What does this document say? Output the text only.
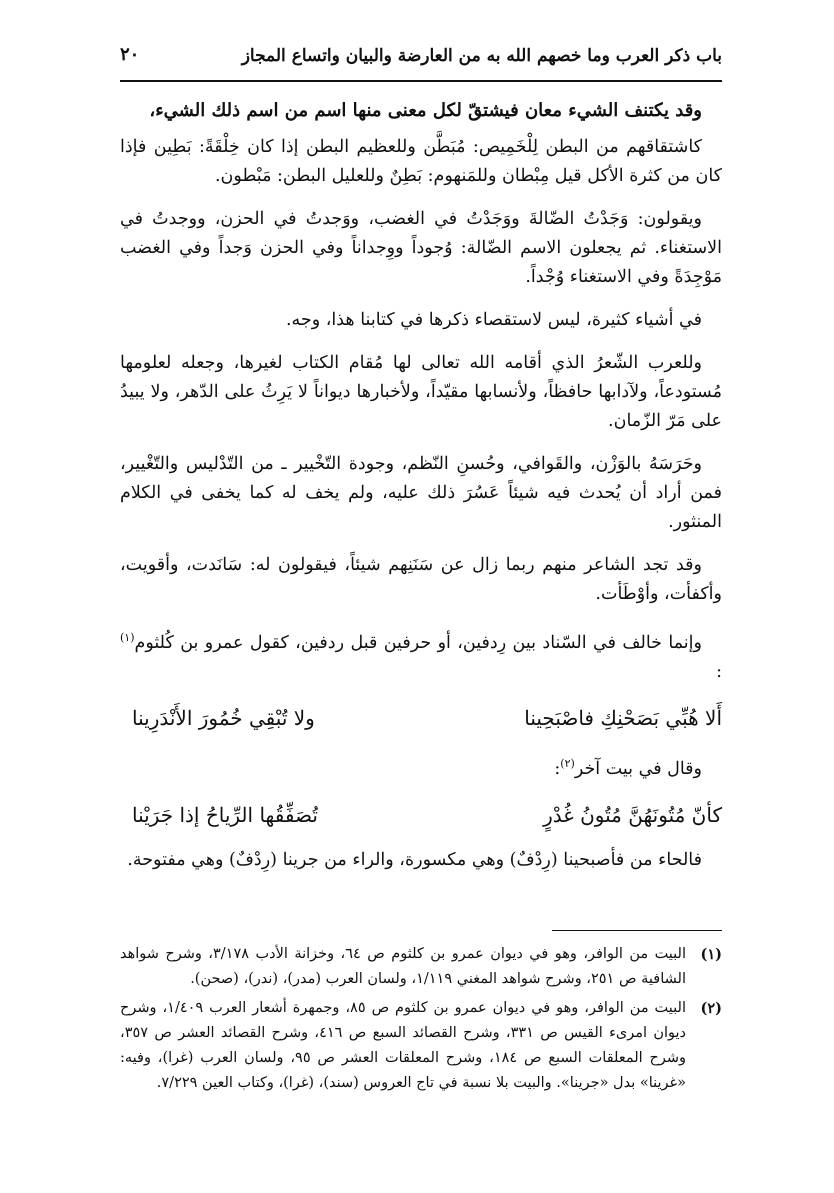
باب ذكر العرب وما خصهم الله به من العارضة والبيان واتساع المجاز
٢٠

وقد يكتنف الشيء معان فيشتقّ لكل معنى منها اسم من اسم ذلك الشيء،

كاشتقاقهم من البطن لِلْخَمِيص: مُبَطَّن وللعظيم البطن إذا كان خِلْقَةً: بَطِين فإذا كان من كثرة الأكل قيل مِبْطان وللمَنهوم: بَطِنٌ وللعليل البطن: مَبْطون.

ويقولون: وَجَدْتُ الضّالةَ ووَجَدْتُ في الغضب، ووَجدتُ في الحزن، ووجدتُ في الاستغناء. ثم يجعلون الاسم الضّالة: وُجوداً ووِجداناً وفي الحزن وَجداً وفي الغضب مَوْجِدَةً وفي الاستغناء وُجْداً.

في أشياء كثيرة، ليس لاستقصاء ذكرها في كتابنا هذا، وجه.

وللعرب الشّعرُ الذي أقامه الله تعالى لها مُقام الكتاب لغيرها، وجعله لعلومها مُستودعاً، ولآدابها حافظاً، ولأنسابها مقيّداً، ولأخبارها ديواناً لا يَرِثُ على الدّهر، ولا يبيدُ على مَرّ الزّمان.

وحَرَسَهُ بالوَزْن، والقَوافي، وحُسنِ النّظم، وجودة التّخْيير ـ من التّدْليس والتّغْيير، فمن أراد أن يُحدث فيه شيئاً عَسُرَ ذلك عليه، ولم يخف له كما يخفى في الكلام المنثور.

وقد تجد الشاعر منهم ربما زال عن سَنَنِهم شيئاً، فيقولون له: سَانَدت، وأقويت، وأكفأت، وأوْطَأت.

وإنما خالف في السّناد بين رِدفين، أو حرفين قبل ردفين، كقول عمرو بن كُلثوم$^{(١)}$ :

أَلا هُبِّي بَصَحْنِكِ فاصْبَحِينا
ولا تُبْقِي خُمُورَ الأَنْدَرِينا

وقال في بيت آخر$^{(٢)}$:

كأنّ مُتُونَهُنَّ مُتُونُ غُدْرٍ
تُصَفِّقُها الرِّياحُ إذا جَرَيْنا

فالحاء من فأصبحينا (رِدْفٌ) وهي مكسورة، والراء من جرينا (رِدْفٌ) وهي مفتوحة.

(١)
البيت من الوافر، وهو في ديوان عمرو بن كلثوم ص ٦٤، وخزانة الأدب ٣/١٧٨، وشرح شواهد الشافية ص ٢٥١، وشرح شواهد المغني ١/١١٩، ولسان العرب (مدر)، (ندر)، (صحن).
(٢)
البيت من الوافر، وهو في ديوان عمرو بن كلثوم ص ٨٥، وجمهرة أشعار العرب ١/٤٠٩، وشرح ديوان امرىء القيس ص ٣٣١، وشرح القصائد السبع ص ٤١٦، وشرح القصائد العشر ص ٣٥٧، وشرح المعلقات السبع ص ١٨٤، وشرح المعلقات العشر ص ٩٥، ولسان العرب (غرا)، وفيه: «غرينا» بدل «جرينا». والبيت بلا نسبة في تاج العروس (سند)، (غرا)، وكتاب العين ٧/٢٢٩.
